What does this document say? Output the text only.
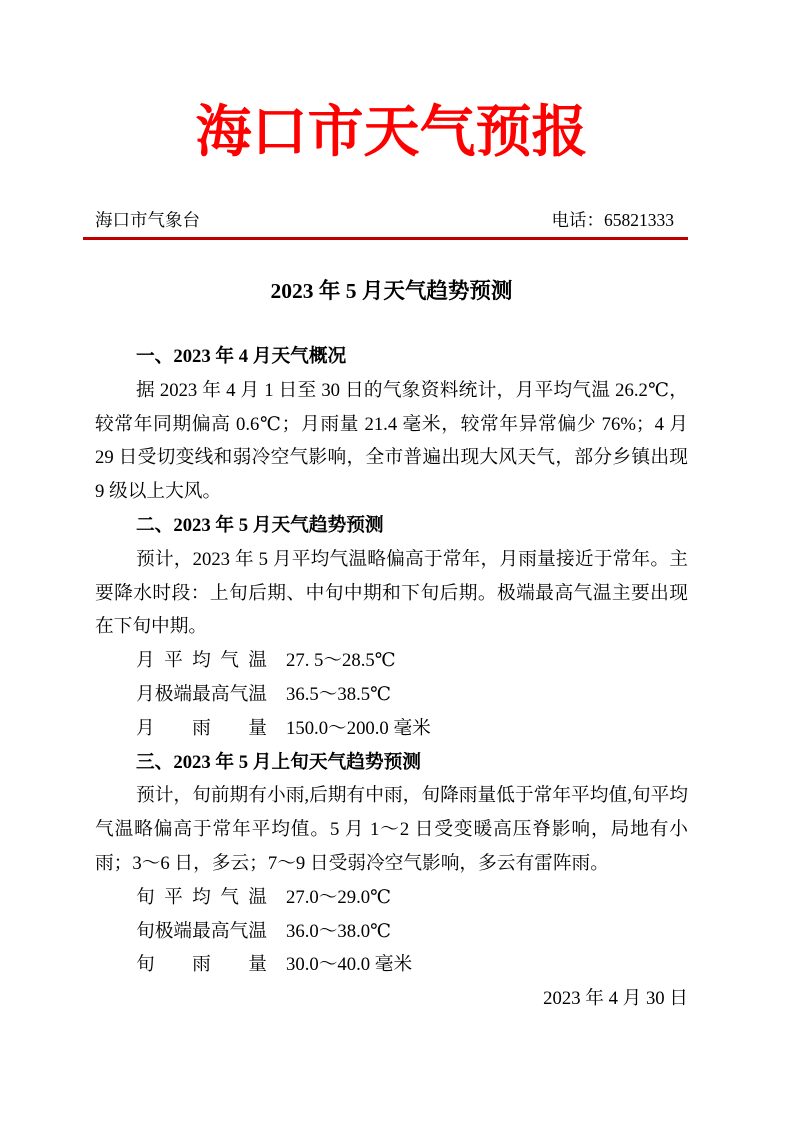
海口市天气预报
海口市气象台	电话：65821333
2023 年 5 月天气趋势预测
一、2023 年 4 月天气概况

据 2023 年 4 月 1 日至 30 日的气象资料统计，月平均气温 26.2℃，较常年同期偏高 0.6℃；月雨量 21.4 毫米，较常年异常偏少 76%；4 月 29 日受切变线和弱冷空气影响，全市普遍出现大风天气，部分乡镇出现 9 级以上大风。

二、2023 年 5 月天气趋势预测

预计，2023 年 5 月平均气温略偏高于常年，月雨量接近于常年。主要降水时段：上旬后期、中旬中期和下旬后期。极端最高气温主要出现在下旬中期。

月平均气温 27. 5～28.5℃
月极端最高气温 36.5～38.5℃
月雨量 150.0～200.0 毫米
三、2023 年 5 月上旬天气趋势预测

预计，旬前期有小雨,后期有中雨，旬降雨量低于常年平均值,旬平均气温略偏高于常年平均值。5 月 1～2 日受变暖高压脊影响，局地有小雨；3～6 日，多云；7～9 日受弱冷空气影响，多云有雷阵雨。

旬平均气温 27.0～29.0℃
旬极端最高气温 36.0～38.0℃
旬雨量 30.0～40.0 毫米
2023 年 4 月 30 日
